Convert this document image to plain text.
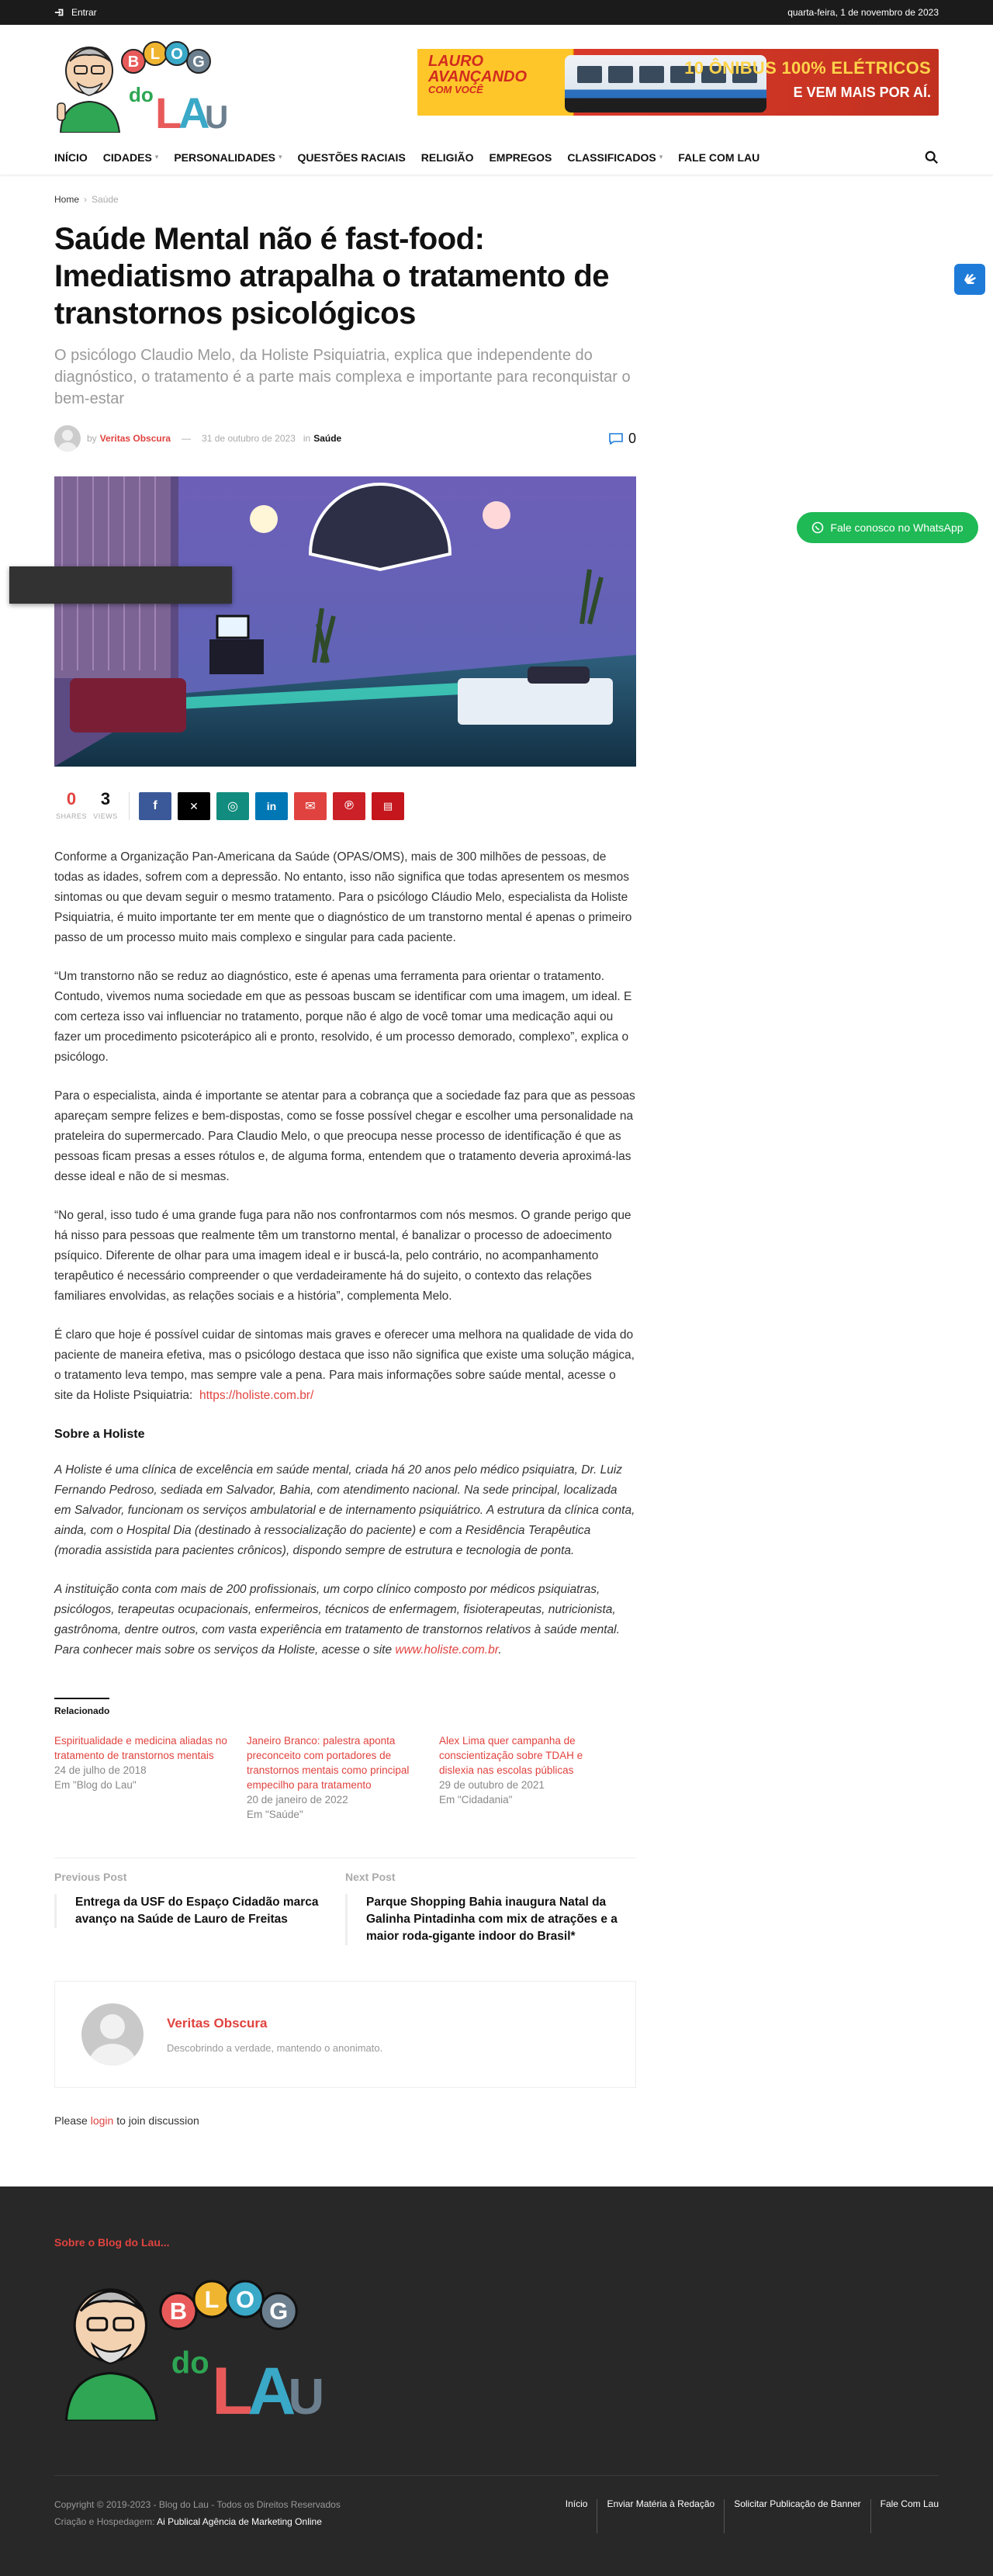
Entrar	quarta-feira, 1 de novembro de 2023
B L O G
do L
A
U
LAURO
AVANÇANDO
COM VOCÊ
10 ÔNIBUS 100% ELÉTRICOS
E VEM MAIS POR AÍ.
INÍCIO CIDADES ▾ PERSONALIDADES ▾ QUESTÕES RACIAIS RELIGIÃO EMPREGOS CLASSIFICADOS ▾ FALE COM LAU
Home › Saúde
Saúde Mental não é fast-food: Imediatismo atrapalha o tratamento de transtornos psicológicos

O psicólogo Claudio Melo, da Holiste Psiquiatria, explica que independente do diagnóstico, o tratamento é a parte mais complexa e importante para reconquistar o bem-estar

by Veritas Obscura — 31 de outubro de 2023 in Saúde	0
0
SHARES
3
VIEWS
f	✕ ◎	in ✉ ℗	▤

Conforme a Organização Pan-Americana da Saúde (OPAS/OMS), mais de 300 milhões de pessoas, de todas as idades, sofrem com a depressão. No entanto, isso não significa que todas apresentem os mesmos sintomas ou que devam seguir o mesmo tratamento. Para o psicólogo Cláudio Melo, especialista da Holiste Psiquiatria, é muito importante ter em mente que o diagnóstico de um transtorno mental é apenas o primeiro passo de um processo muito mais complexo e singular para cada paciente.

“Um transtorno não se reduz ao diagnóstico, este é apenas uma ferramenta para orientar o tratamento. Contudo, vivemos numa sociedade em que as pessoas buscam se identificar com uma imagem, um ideal. E com certeza isso vai influenciar no tratamento, porque não é algo de você tomar uma medicação aqui ou fazer um procedimento psicoterápico ali e pronto, resolvido, é um processo demorado, complexo”, explica o psicólogo.

Para o especialista, ainda é importante se atentar para a cobrança que a sociedade faz para que as pessoas apareçam sempre felizes e bem-dispostas, como se fosse possível chegar e escolher uma personalidade na prateleira do supermercado. Para Claudio Melo, o que preocupa nesse processo de identificação é que as pessoas ficam presas a esses rótulos e, de alguma forma, entendem que o tratamento deveria aproximá-las desse ideal e não de si mesmas.

“No geral, isso tudo é uma grande fuga para não nos confrontarmos com nós mesmos. O grande perigo que há nisso para pessoas que realmente têm um transtorno mental, é banalizar o processo de adoecimento psíquico. Diferente de olhar para uma imagem ideal e ir buscá-la, pelo contrário, no acompanhamento terapêutico é necessário compreender o que verdadeiramente há do sujeito, o contexto das relações familiares envolvidas, as relações sociais e a história”, complementa Melo.

É claro que hoje é possível cuidar de sintomas mais graves e oferecer uma melhora na qualidade de vida do paciente de maneira efetiva, mas o psicólogo destaca que isso não significa que existe uma solução mágica, o tratamento leva tempo, mas sempre vale a pena. Para mais informações sobre saúde mental, acesse o site da Holiste Psiquiatria: https://holiste.com.br/

Sobre a Holiste

A Holiste é uma clínica de excelência em saúde mental, criada há 20 anos pelo médico psiquiatra, Dr. Luiz Fernando Pedroso, sediada em Salvador, Bahia, com atendimento nacional. Na sede principal, localizada em Salvador, funcionam os serviços ambulatorial e de internamento psiquiátrico. A estrutura da clínica conta, ainda, com o Hospital Dia (destinado à ressocialização do paciente) e com a Residência Terapêutica (moradia assistida para pacientes crônicos), dispondo sempre de estrutura e tecnologia de ponta.

A instituição conta com mais de 200 profissionais, um corpo clínico composto por médicos psiquiatras, psicólogos, terapeutas ocupacionais, enfermeiros, técnicos de enfermagem, fisioterapeutas, nutricionista, gastrônoma, dentre outros, com vasta experiência em tratamento de transtornos relativos à saúde mental. Para conhecer mais sobre os serviços da Holiste, acesse o site www.holiste.com.br.

Relacionado
Espiritualidade e medicina aliadas no tratamento de transtornos mentais
24 de julho de 2018
Em "Blog do Lau"
Janeiro Branco: palestra aponta preconceito com portadores de transtornos mentais como principal empecilho para tratamento
20 de janeiro de 2022
Em "Saúde"
Alex Lima quer campanha de conscientização sobre TDAH e dislexia nas escolas públicas
29 de outubro de 2021
Em "Cidadania"
Previous Post
Entrega da USF do Espaço Cidadão marca avanço na Saúde de Lauro de Freitas
Next Post
Parque Shopping Bahia inaugura Natal da Galinha Pintadinha com mix de atrações e a maior roda-gigante indoor do Brasil*
Veritas Obscura
Descobrindo a verdade, mantendo o anonimato.
Please login to join discussion
Fale conosco no WhatsApp
Sobre o Blog do Lau...
B L O G
do L
A
U
Copyright © 2019-2023 - Blog do Lau - Todos os Direitos Reservados
Criação e Hospedagem: Ai Publical Agência de Marketing Online
Início	Enviar Matéria à Redação	Solicitar Publicação de Banner	Fale Com Lau
